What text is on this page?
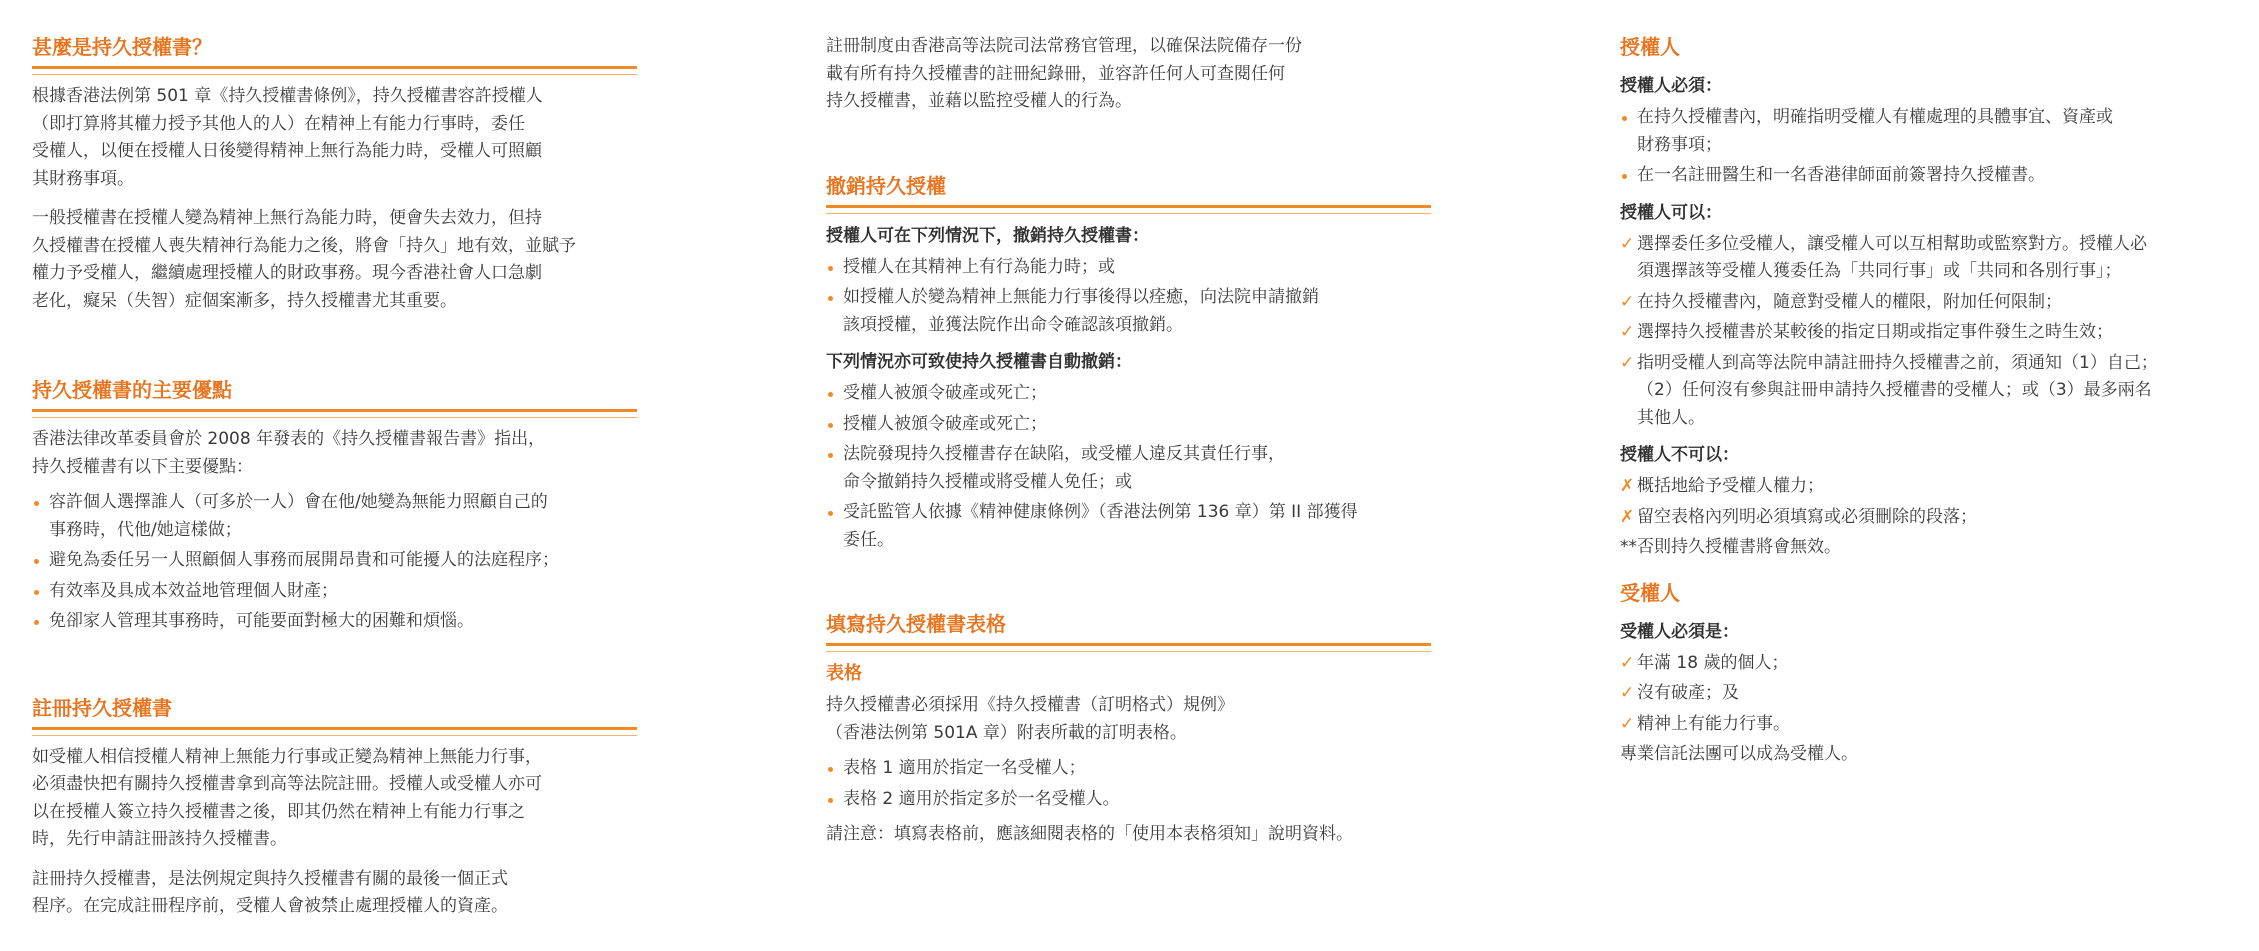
甚麼是持久授權書？

根據香港法例第 501 章《持久授權書條例》，持久授權書容許授權人
（即打算將其權力授予其他人的人）在精神上有能力行事時，委任
受權人，以便在授權人日後變得精神上無行為能力時，受權人可照顧
其財務事項。

一般授權書在授權人變為精神上無行為能力時，便會失去效力，但持
久授權書在授權人喪失精神行為能力之後，將會「持久」地有效，並賦予
權力予受權人，繼續處理授權人的財政事務。現今香港社會人口急劇
老化，癡呆（失智）症個案漸多，持久授權書尤其重要。

持久授權書的主要優點

香港法律改革委員會於 2008 年發表的《持久授權書報告書》指出，
持久授權書有以下主要優點：

容許個人選擇誰人（可多於一人）會在他/她變為無能力照顧自己的
事務時，代他/她這樣做；
避免為委任另一人照顧個人事務而展開昂貴和可能擾人的法庭程序；
有效率及具成本效益地管理個人財產；
免卻家人管理其事務時，可能要面對極大的困難和煩惱。
註冊持久授權書

如受權人相信授權人精神上無能力行事或正變為精神上無能力行事，
必須盡快把有關持久授權書拿到高等法院註冊。授權人或受權人亦可
以在授權人簽立持久授權書之後，即其仍然在精神上有能力行事之
時，先行申請註冊該持久授權書。

註冊持久授權書，是法例規定與持久授權書有關的最後一個正式
程序。在完成註冊程序前，受權人會被禁止處理授權人的資產。

註冊制度由香港高等法院司法常務官管理，以確保法院備存一份
載有所有持久授權書的註冊紀錄冊，並容許任何人可查閱任何
持久授權書，並藉以監控受權人的行為。

撤銷持久授權
授權人可在下列情況下，撤銷持久授權書：
授權人在其精神上有行為能力時；或
如授權人於變為精神上無能力行事後得以痊癒，向法院申請撤銷
該項授權，並獲法院作出命令確認該項撤銷。
下列情況亦可致使持久授權書自動撤銷：
受權人被頒令破產或死亡；
授權人被頒令破產或死亡；
法院發現持久授權書存在缺陷，或受權人違反其責任行事，
命令撤銷持久授權或將受權人免任；或
受託監管人依據《精神健康條例》（香港法例第 136 章）第 II 部獲得
委任。
填寫持久授權書表格
表格

持久授權書必須採用《持久授權書（訂明格式）規例》
（香港法例第 501A 章）附表所載的訂明表格。

表格 1 適用於指定一名受權人；
表格 2 適用於指定多於一名受權人。

請注意：填寫表格前，應該細閱表格的「使用本表格須知」說明資料。

授權人
授權人必須：
在持久授權書內，明確指明受權人有權處理的具體事宜、資產或
財務事項；
在一名註冊醫生和一名香港律師面前簽署持久授權書。
授權人可以：
✓ 選擇委任多位受權人，讓受權人可以互相幫助或監察對方。授權人必
須選擇該等受權人獲委任為「共同行事」或「共同和各別行事」；
✓ 在持久授權書內，隨意對受權人的權限，附加任何限制；
✓ 選擇持久授權書於某較後的指定日期或指定事件發生之時生效；
✓ 指明受權人到高等法院申請註冊持久授權書之前，須通知（1）自己；
（2）任何沒有參與註冊申請持久授權書的受權人；或（3）最多兩名
其他人。
授權人不可以：
✗ 概括地給予受權人權力；
✗ 留空表格內列明必須填寫或必須刪除的段落；

**否則持久授權書將會無效。

受權人
受權人必須是：
✓ 年滿 18 歲的個人；
✓ 沒有破產；及
✓ 精神上有能力行事。

專業信託法團可以成為受權人。
